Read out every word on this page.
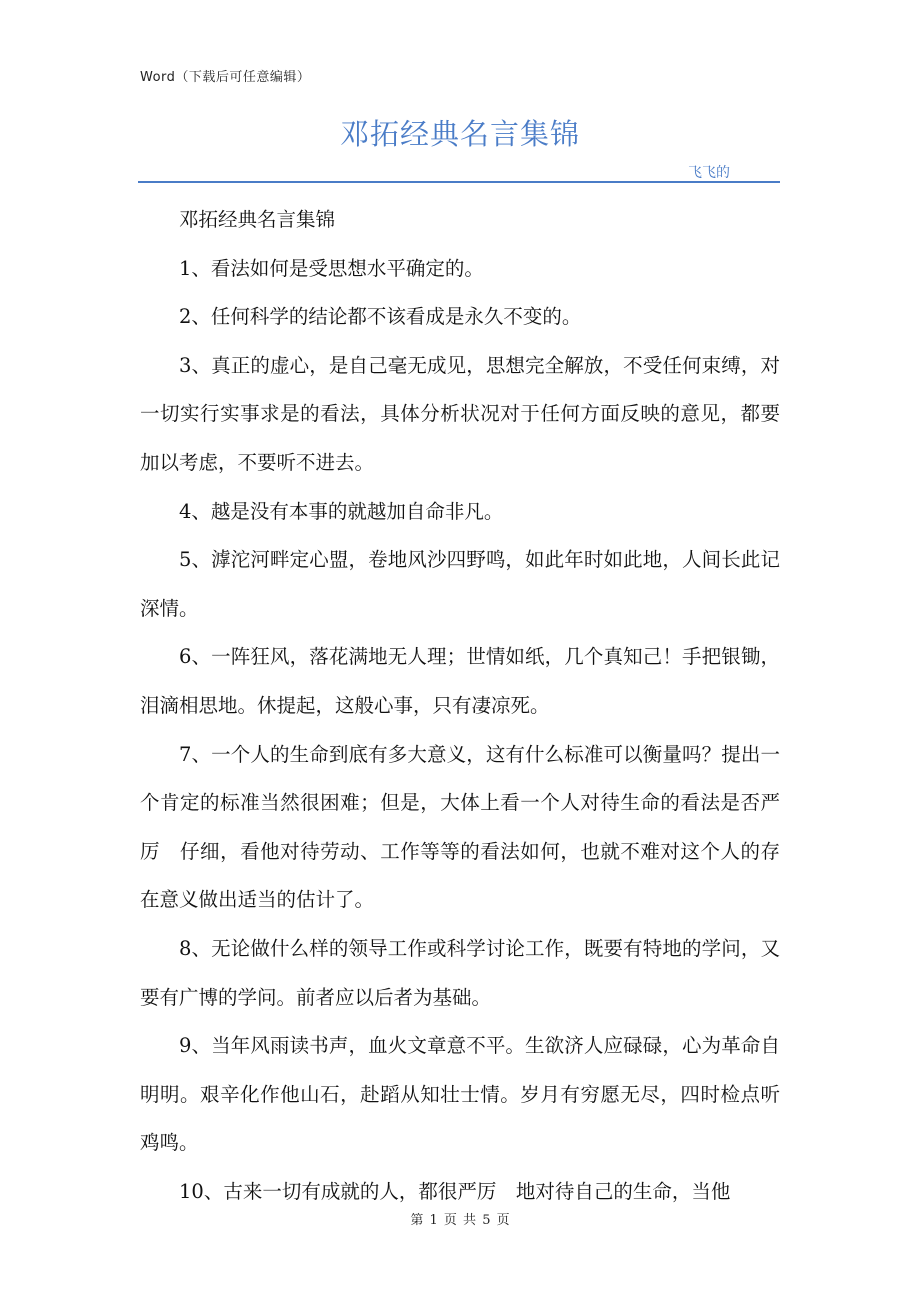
Word（下载后可任意编辑）
邓拓经典名言集锦
飞飞的

邓拓经典名言集锦

1、看法如何是受思想水平确定的。

2、任何科学的结论都不该看成是永久不变的。

3、真正的虚心，是自己毫无成见，思想完全解放，不受任何束缚，对一切实行实事求是的看法，具体分析状况对于任何方面反映的意见，都要加以考虑，不要听不进去。

4、越是没有本事的就越加自命非凡。

5、滹沱河畔定心盟，卷地风沙四野鸣，如此年时如此地，人间长此记深情。

6、一阵狂风，落花满地无人理；世情如纸，几个真知己！手把银锄，泪滴相思地。休提起，这般心事，只有凄凉死。

7、一个人的生命到底有多大意义，这有什么标准可以衡量吗？提出一个肯定的标准当然很困难；但是，大体上看一个人对待生命的看法是否严厉　仔细，看他对待劳动、工作等等的看法如何，也就不难对这个人的存在意义做出适当的估计了。

8、无论做什么样的领导工作或科学讨论工作，既要有特地的学问，又要有广博的学问。前者应以后者为基础。

9、当年风雨读书声，血火文章意不平。生欲济人应碌碌，心为革命自明明。艰辛化作他山石，赴蹈从知壮士情。岁月有穷愿无尽，四时检点听鸡鸣。

10、古来一切有成就的人，都很严厉　地对待自己的生命，当他

第 1 页 共 5 页
